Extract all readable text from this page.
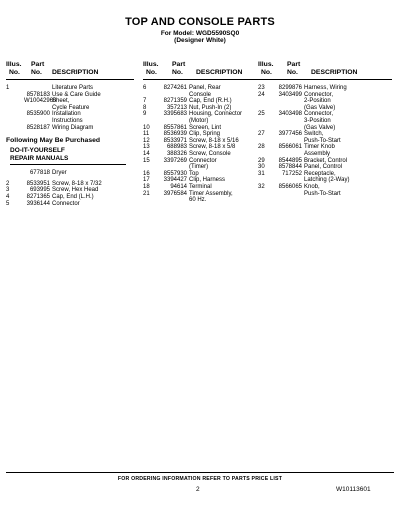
TOP AND CONSOLE PARTS
For Model: WGD5590SQ0
(Designer White)
Illus.
No.
Part
No. DESCRIPTION
1	Literature Parts
8578183 Use & Care Guide
W10042960
Sheet,
Cycle Feature
8535900 Installation
Instructions
8528187 Wiring Diagram
Following May Be Purchased
DO-IT-YOURSELF
REPAIR MANUALS
677818 Dryer
2	8533951 Screw, 8-18 x 7/32
3	693995 Screw, Hex Head
4	8271365 Cap, End (L.H.)
5	3936144 Connector
Illus.
No.
Part
No. DESCRIPTION
6	8274261 Panel, Rear
Console
7	8271359 Cap, End (R.H.)
8	357213 Nut, Push-In (2)
9	3395683 Housing, Connector
(Motor)
10	8557861 Screen, Lint
11	8536939 Clip, Spring
12	8533971 Screw, 8-18 x 5/16
13	688983 Screw, 8-18 x 5/8
14	388326 Screw, Console
15	3397269 Connector
(Timer)
16	8557930 Top
17	3394427 Clip, Harness
18	94614 Terminal
21	3976584 Timer Assembly,
60 Hz.
Illus.
No.
Part
No. DESCRIPTION
23	8299876 Harness, Wiring
24	3403499 Connector,
2-Position
(Gas Valve)
25	3403498 Connector,
3-Position
(Gas Valve)
27	3977456 Switch,
Push-To-Start
28	8566061 Timer Knob
Assembly
29	8544895 Bracket, Control
30	8578844 Panel, Control
31	717252 Receptacle,
Latching (2-Way)
32	8566065 Knob,
Push-To-Start
FOR ORDERING INFORMATION REFER TO PARTS PRICE LIST
2	W10113601
